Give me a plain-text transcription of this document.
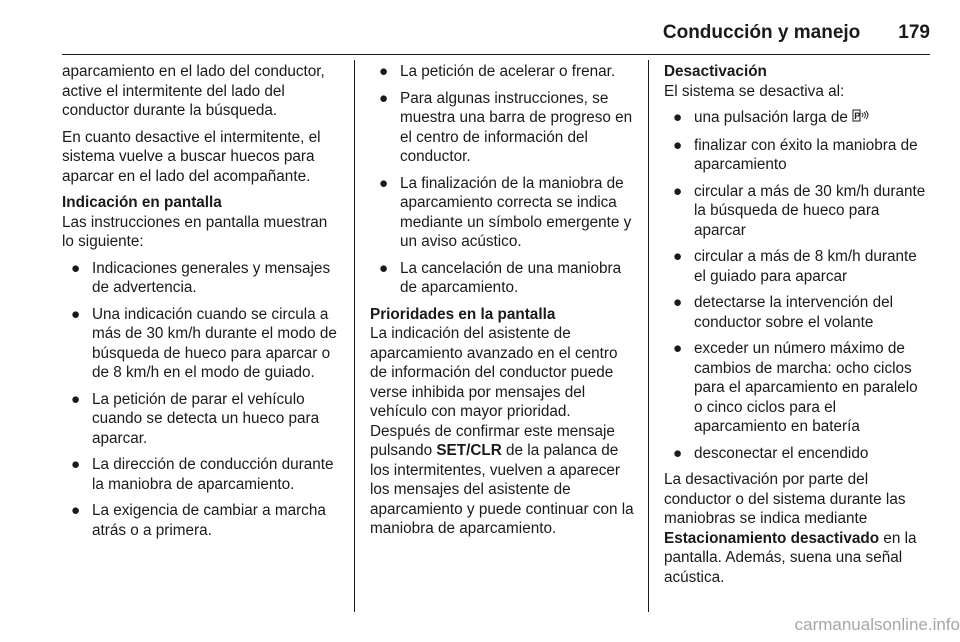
Conducción y manejo 179

aparcamiento en el lado del conductor, active el intermitente del lado del conductor durante la búsqueda.

En cuanto desactive el intermitente, el sistema vuelve a buscar huecos para aparcar en el lado del acompañante.

Indicación en pantalla

Las instrucciones en pantalla muestran lo siguiente:

● Indicaciones generales y mensajes de advertencia.
● Una indicación cuando se circula a más de 30 km/h durante el modo de búsqueda de hueco para aparcar o de 8 km/h en el modo de guiado.
● La petición de parar el vehículo cuando se detecta un hueco para aparcar.
● La dirección de conducción durante la maniobra de aparcamiento.
● La exigencia de cambiar a marcha atrás o a primera.
● La petición de acelerar o frenar.
● Para algunas instrucciones, se muestra una barra de progreso en el centro de información del conductor.
● La finalización de la maniobra de aparcamiento correcta se indica mediante un símbolo emergente y un aviso acústico.
● La cancelación de una maniobra de aparcamiento.

Prioridades en la pantalla

La indicación del asistente de aparcamiento avanzado en el centro de información del conductor puede verse inhibida por mensajes del vehículo con mayor prioridad. Después de confirmar este mensaje pulsando SET/CLR de la palanca de los intermitentes, vuelven a aparecer los mensajes del asistente de aparcamiento y puede continuar con la maniobra de aparcamiento.

Desactivación

El sistema se desactiva al:

● una pulsación larga de P
● finalizar con éxito la maniobra de aparcamiento
● circular a más de 30 km/h durante la búsqueda de hueco para aparcar
● circular a más de 8 km/h durante el guiado para aparcar
● detectarse la intervención del conductor sobre el volante
● exceder un número máximo de cambios de marcha: ocho ciclos para el aparcamiento en paralelo o cinco ciclos para el aparcamiento en batería
● desconectar el encendido

La desactivación por parte del conductor o del sistema durante las maniobras se indica mediante Estacionamiento desactivado en la pantalla. Además, suena una señal acústica.

carmanualsonline.info
